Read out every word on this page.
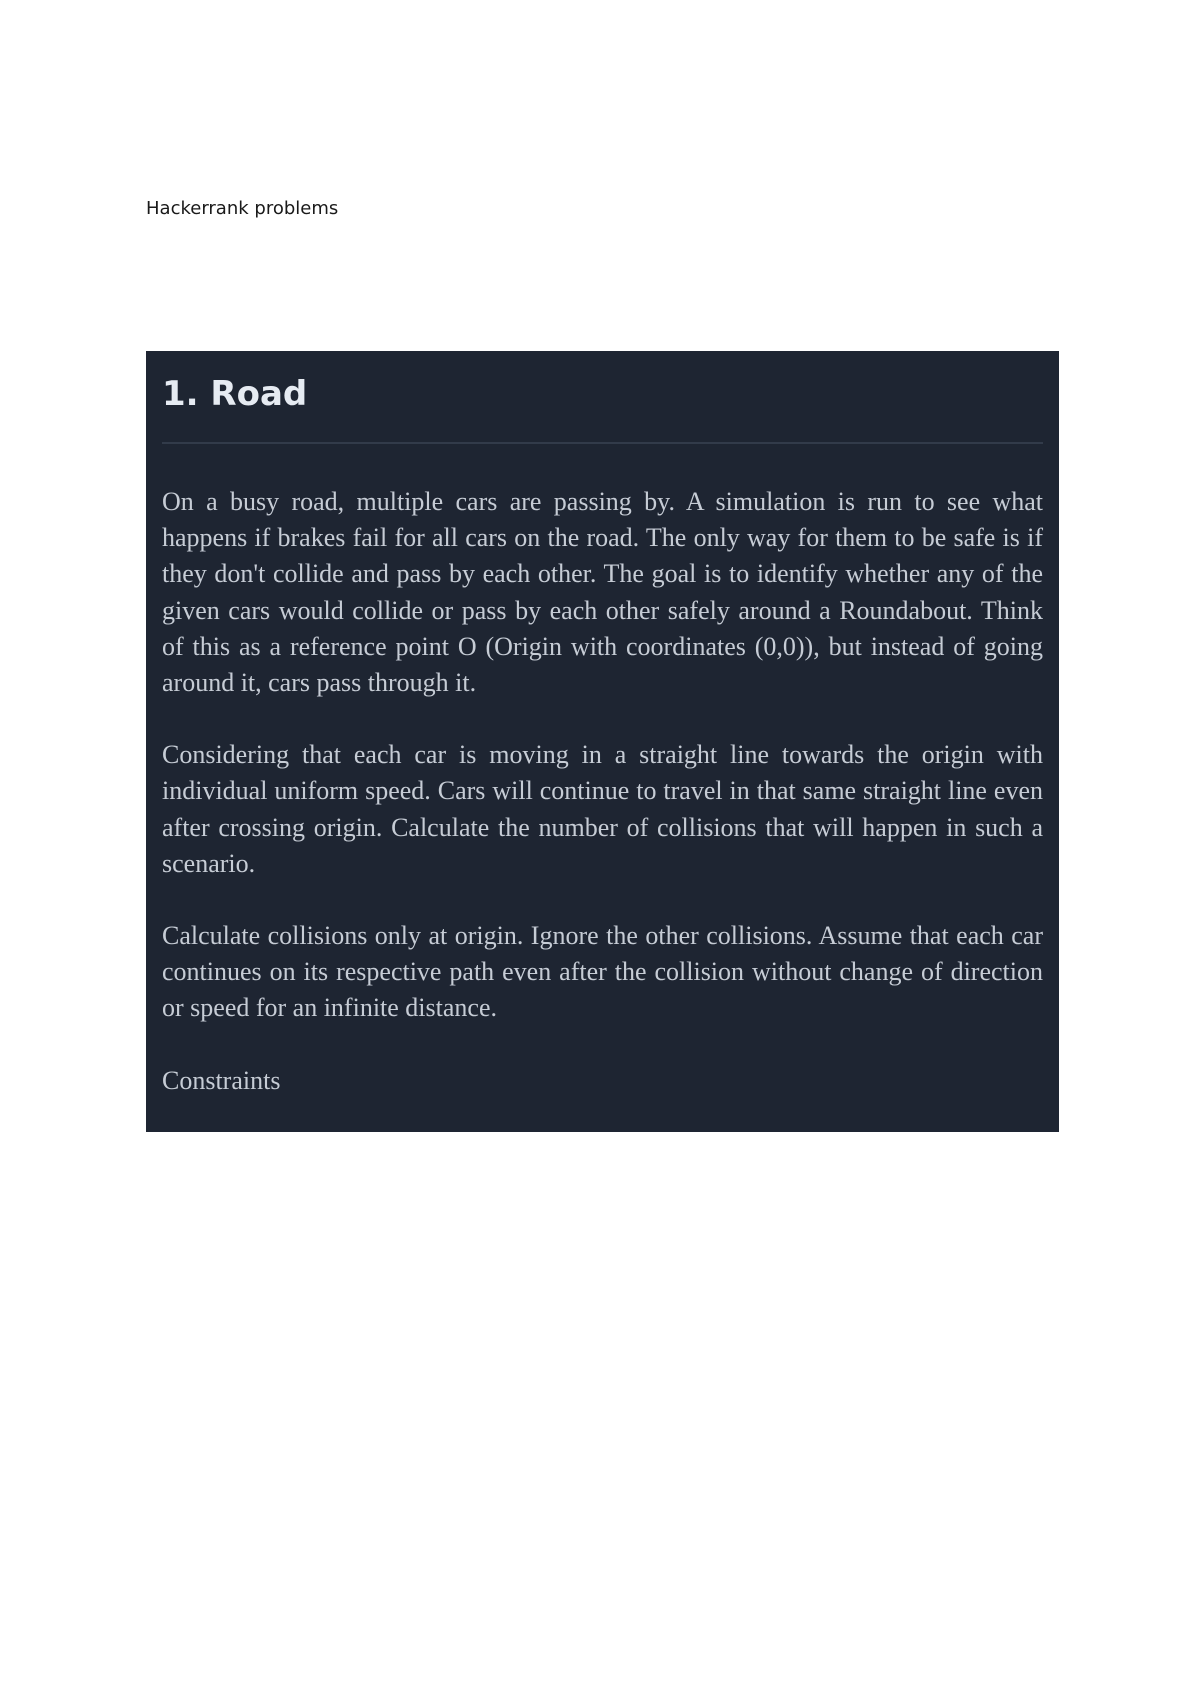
Hackerrank problems
1. Road

On a busy road, multiple cars are passing by. A simulation is run to see what happens if brakes fail for all cars on the road. The only way for them to be safe is if they don't collide and pass by each other. The goal is to identify whether any of the given cars would collide or pass by each other safely around a Roundabout. Think of this as a reference point O (Origin with coordinates (0,0)), but instead of going around it, cars pass through it.

Considering that each car is moving in a straight line towards the origin with individual uniform speed. Cars will continue to travel in that same straight line even after crossing origin. Calculate the number of collisions that will happen in such a scenario.

Calculate collisions only at origin. Ignore the other collisions. Assume that each car continues on its respective path even after the collision without change of direction or speed for an infinite distance.

Constraints
